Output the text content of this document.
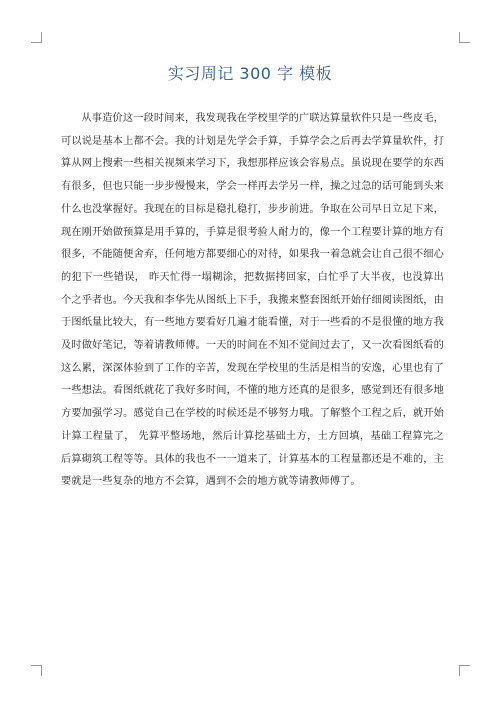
实习周记 300 字 模板

从事造价这一段时间来，我发现我在学校里学的广联达算量软件只是一些皮毛，可以说是基本上都不会。我的计划是先学会手算，手算学会之后再去学算量软件，打算从网上搜索一些相关视频来学习下，我想那样应该会容易点。虽说现在要学的东西有很多，但也只能一步步慢慢来，学会一样再去学另一样，操之过急的话可能到头来什么也没掌握好。我现在的目标是稳扎稳打，步步前进。争取在公司早日立足下来，现在刚开始做预算是用手算的，手算是很考验人耐力的，像一个工程要计算的地方有很多，不能随便舍弃，任何地方都要细心的对待，如果我一着急就会让自己很不细心的犯下一些错误， 昨天忙得一塌糊涂，把数据拷回家，白忙乎了大半夜，也没算出个之乎者也。今天我和李华先从图纸上下手，我搬来整套图纸开始仔细阅读图纸，由于图纸量比较大，有一些地方要看好几遍才能看懂，对于一些看的不是很懂的地方我及时做好笔记，等着请教师傅。一天的时间在不知不觉间过去了，又一次看图纸看的这么累，深深体验到了工作的辛苦，发现在学校里的生活是相当的安逸，心里也有了一些想法。看图纸就花了我好多时间，不懂的地方还真的是很多，感觉到还有很多地方要加强学习。感觉自己在学校的时候还是不够努力哦。了解整个工程之后，就开始计算工程量了， 先算平整场地，然后计算挖基础土方，土方回填，基础工程算完之后算砌筑工程等等。具体的我也不一一道来了，计算基本的工程量都还是不难的，主要就是一些复杂的地方不会算，遇到不会的地方就等请教师傅了。
